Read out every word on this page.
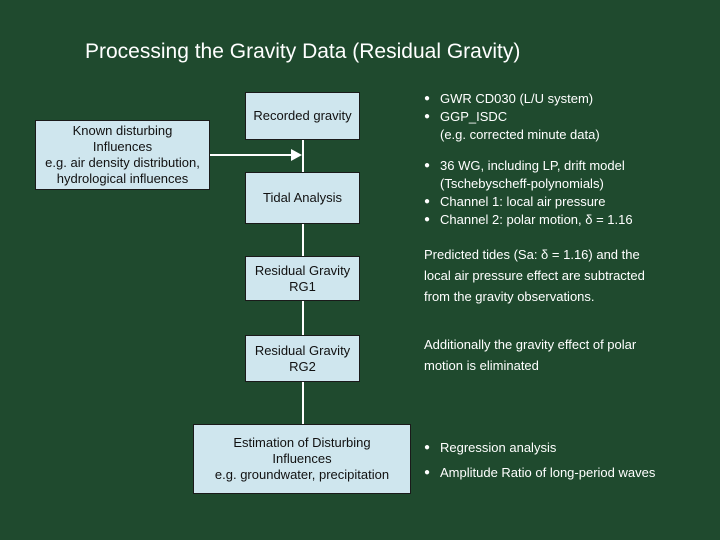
Processing the Gravity Data (Residual Gravity)
Known disturbing
Influences
e.g. air density distribution,
hydrological influences
Recorded gravity
Tidal Analysis
Residual Gravity
RG1
Residual Gravity
RG2
Estimation of Disturbing
Influences
e.g. groundwater, precipitation
● GWR CD030 (L/U system)
● GGP_ISDC
(e.g. corrected minute data)
● 36 WG, including LP, drift model
(Tschebyscheff-polynomials)
● Channel 1: local air pressure
● Channel 2: polar motion, δ = 1.16
Predicted tides (Sa: δ = 1.16) and the
local air pressure effect are subtracted
from the gravity observations.
Additionally the gravity effect of polar
motion is eliminated
● Regression analysis
● Amplitude Ratio of long-period waves
